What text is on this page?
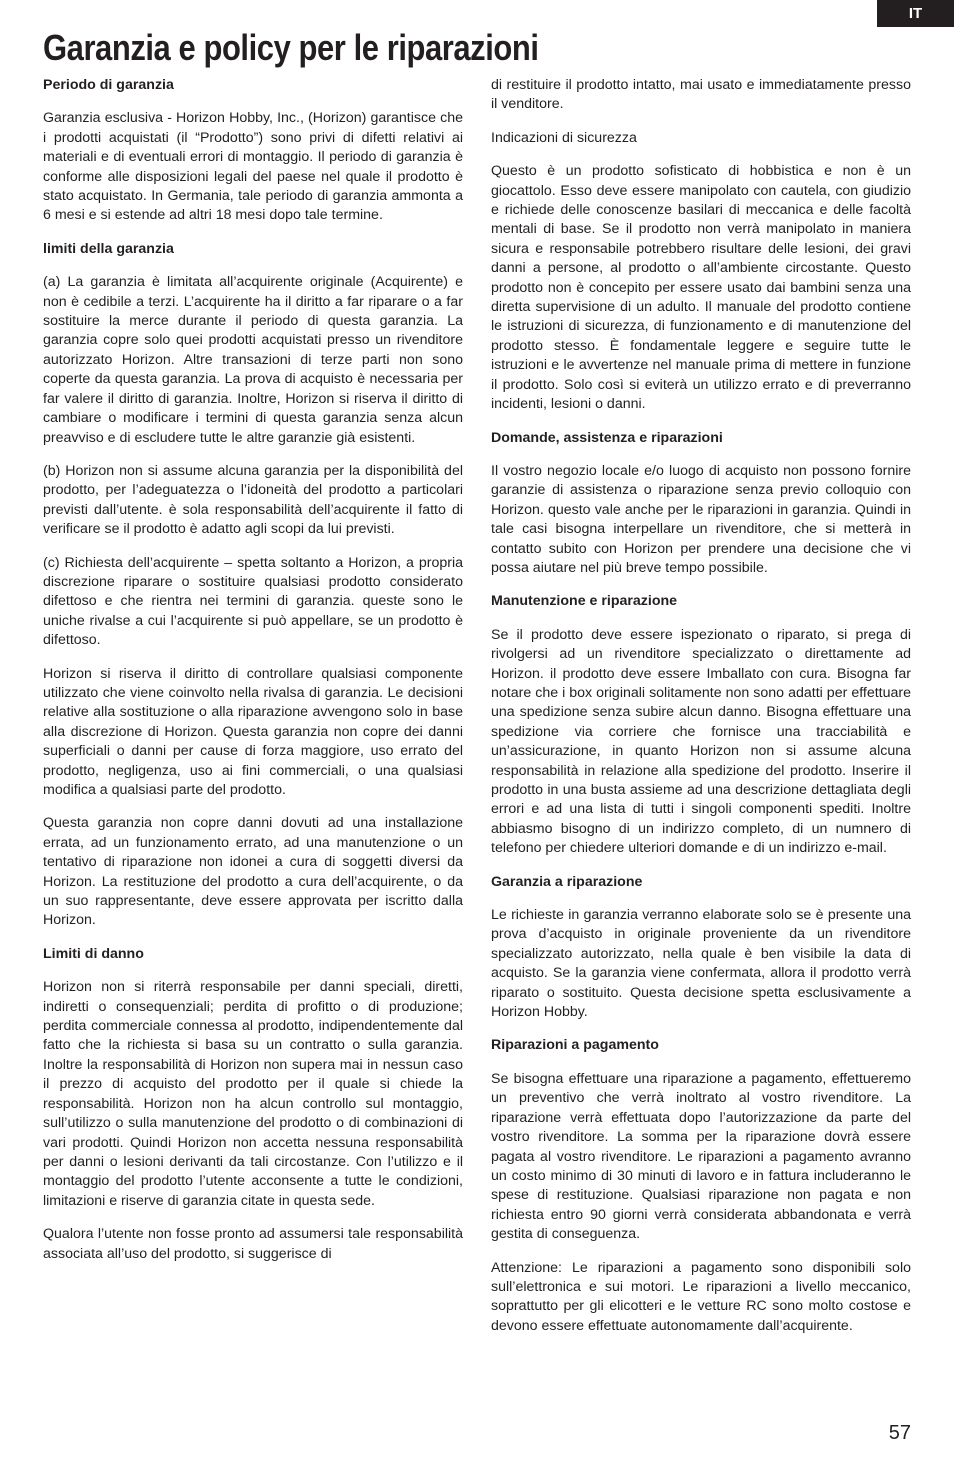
IT
Garanzia e policy per le riparazioni
Periodo di garanzia

Garanzia esclusiva - Horizon Hobby, Inc., (Horizon) garantisce che i prodotti acquistati (il “Prodotto”) sono privi di difetti relativi ai materiali e di eventuali errori di montaggio. Il periodo di garanzia è conforme alle disposizioni legali del paese nel quale il prodotto è stato acquistato. In Germania, tale periodo di garanzia ammonta a 6 mesi e si estende ad altri 18 mesi dopo tale termine.

limiti della garanzia

(a) La garanzia è limitata all’acquirente originale (Acquirente) e non è cedibile a terzi. L’acquirente ha il diritto a far riparare o a far sostituire la merce durante il periodo di questa garanzia. La garanzia copre solo quei prodotti acquistati presso un rivenditore autorizzato Horizon. Altre transazioni di terze parti non sono coperte da questa garanzia. La prova di acquisto è necessaria per far valere il diritto di garanzia. Inoltre, Horizon si riserva il diritto di cambiare o modificare i termini di questa garanzia senza alcun preavviso e di escludere tutte le altre garanzie già esistenti.

(b) Horizon non si assume alcuna garanzia per la disponibilità del prodotto, per l’adeguatezza o l’idoneità del prodotto a particolari previsti dall’utente. è sola responsabilità dell’acquirente il fatto di verificare se il prodotto è adatto agli scopi da lui previsti.

(c) Richiesta dell’acquirente – spetta soltanto a Horizon, a propria discrezione riparare o sostituire qualsiasi prodotto considerato difettoso e che rientra nei termini di garanzia. queste sono le uniche rivalse a cui l’acquirente si può appellare, se un prodotto è difettoso.

Horizon si riserva il diritto di controllare qualsiasi componente utilizzato che viene coinvolto nella rivalsa di garanzia. Le decisioni relative alla sostituzione o alla riparazione avvengono solo in base alla discrezione di Horizon. Questa garanzia non copre dei danni superficiali o danni per cause di forza maggiore, uso errato del prodotto, negligenza, uso ai fini commerciali, o una qualsiasi modifica a qualsiasi parte del prodotto.

Questa garanzia non copre danni dovuti ad una installazione errata, ad un funzionamento errato, ad una manutenzione o un tentativo di riparazione non idonei a cura di soggetti diversi da Horizon. La restituzione del prodotto a cura dell’acquirente, o da un suo rappresentante, deve essere approvata per iscritto dalla Horizon.

Limiti di danno

Horizon non si riterrà responsabile per danni speciali, diretti, indiretti o consequenziali; perdita di profitto o di produzione; perdita commerciale connessa al prodotto, indipendentemente dal fatto che la richiesta si basa su un contratto o sulla garanzia. Inoltre la responsabilità di Horizon non supera mai in nessun caso il prezzo di acquisto del prodotto per il quale si chiede la responsabilità. Horizon non ha alcun controllo sul montaggio, sull’utilizzo o sulla manutenzione del prodotto o di combinazioni di vari prodotti. Quindi Horizon non accetta nessuna responsabilità per danni o lesioni derivanti da tali circostanze. Con l’utilizzo e il montaggio del prodotto l’utente acconsente a tutte le condizioni, limitazioni e riserve di garanzia citate in questa sede.

Qualora l’utente non fosse pronto ad assumersi tale responsabilità associata all’uso del prodotto, si suggerisce di

di restituire il prodotto intatto, mai usato e immediatamente presso il venditore.

Indicazioni di sicurezza

Questo è un prodotto sofisticato di hobbistica e non è un giocattolo. Esso deve essere manipolato con cautela, con giudizio e richiede delle conoscenze basilari di meccanica e delle facoltà mentali di base. Se il prodotto non verrà manipolato in maniera sicura e responsabile potrebbero risultare delle lesioni, dei gravi danni a persone, al prodotto o all’ambiente circostante. Questo prodotto non è concepito per essere usato dai bambini senza una diretta supervisione di un adulto. Il manuale del prodotto contiene le istruzioni di sicurezza, di funzionamento e di manutenzione del prodotto stesso. È fondamentale leggere e seguire tutte le istruzioni e le avvertenze nel manuale prima di mettere in funzione il prodotto. Solo così si eviterà un utilizzo errato e di preverranno incidenti, lesioni o danni.

Domande, assistenza e riparazioni

Il vostro negozio locale e/o luogo di acquisto non possono fornire garanzie di assistenza o riparazione senza previo colloquio con Horizon. questo vale anche per le riparazioni in garanzia. Quindi in tale casi bisogna interpellare un rivenditore, che si metterà in contatto subito con Horizon per prendere una decisione che vi possa aiutare nel più breve tempo possibile.

Manutenzione e riparazione

Se il prodotto deve essere ispezionato o riparato, si prega di rivolgersi ad un rivenditore specializzato o direttamente ad Horizon. il prodotto deve essere Imballato con cura. Bisogna far notare che i box originali solitamente non sono adatti per effettuare una spedizione senza subire alcun danno. Bisogna effettuare una spedizione via corriere che fornisce una tracciabilità e un’assicurazione, in quanto Horizon non si assume alcuna responsabilità in relazione alla spedizione del prodotto. Inserire il prodotto in una busta assieme ad una descrizione dettagliata degli errori e ad una lista di tutti i singoli componenti spediti. Inoltre abbiasmo bisogno di un indirizzo completo, di un numnero di telefono per chiedere ulteriori domande e di un indirizzo e-mail.

Garanzia a riparazione

Le richieste in garanzia verranno elaborate solo se è presente una prova d’acquisto in originale proveniente da un rivenditore specializzato autorizzato, nella quale è ben visibile la data di acquisto. Se la garanzia viene confermata, allora il prodotto verrà riparato o sostituito. Questa decisione spetta esclusivamente a Horizon Hobby.

Riparazioni a pagamento

Se bisogna effettuare una riparazione a pagamento, effettueremo un preventivo che verrà inoltrato al vostro rivenditore. La riparazione verrà effettuata dopo l’autorizzazione da parte del vostro rivenditore. La somma per la riparazione dovrà essere pagata al vostro rivenditore. Le riparazioni a pagamento avranno un costo minimo di 30 minuti di lavoro e in fattura includeranno le spese di restituzione. Qualsiasi riparazione non pagata e non richiesta entro 90 giorni verrà considerata abbandonata e verrà gestita di conseguenza.

Attenzione: Le riparazioni a pagamento sono disponibili solo sull’elettronica e sui motori. Le riparazioni a livello meccanico, soprattutto per gli elicotteri e le vetture RC sono molto costose e devono essere effettuate autonomamente dall’acquirente.

57
